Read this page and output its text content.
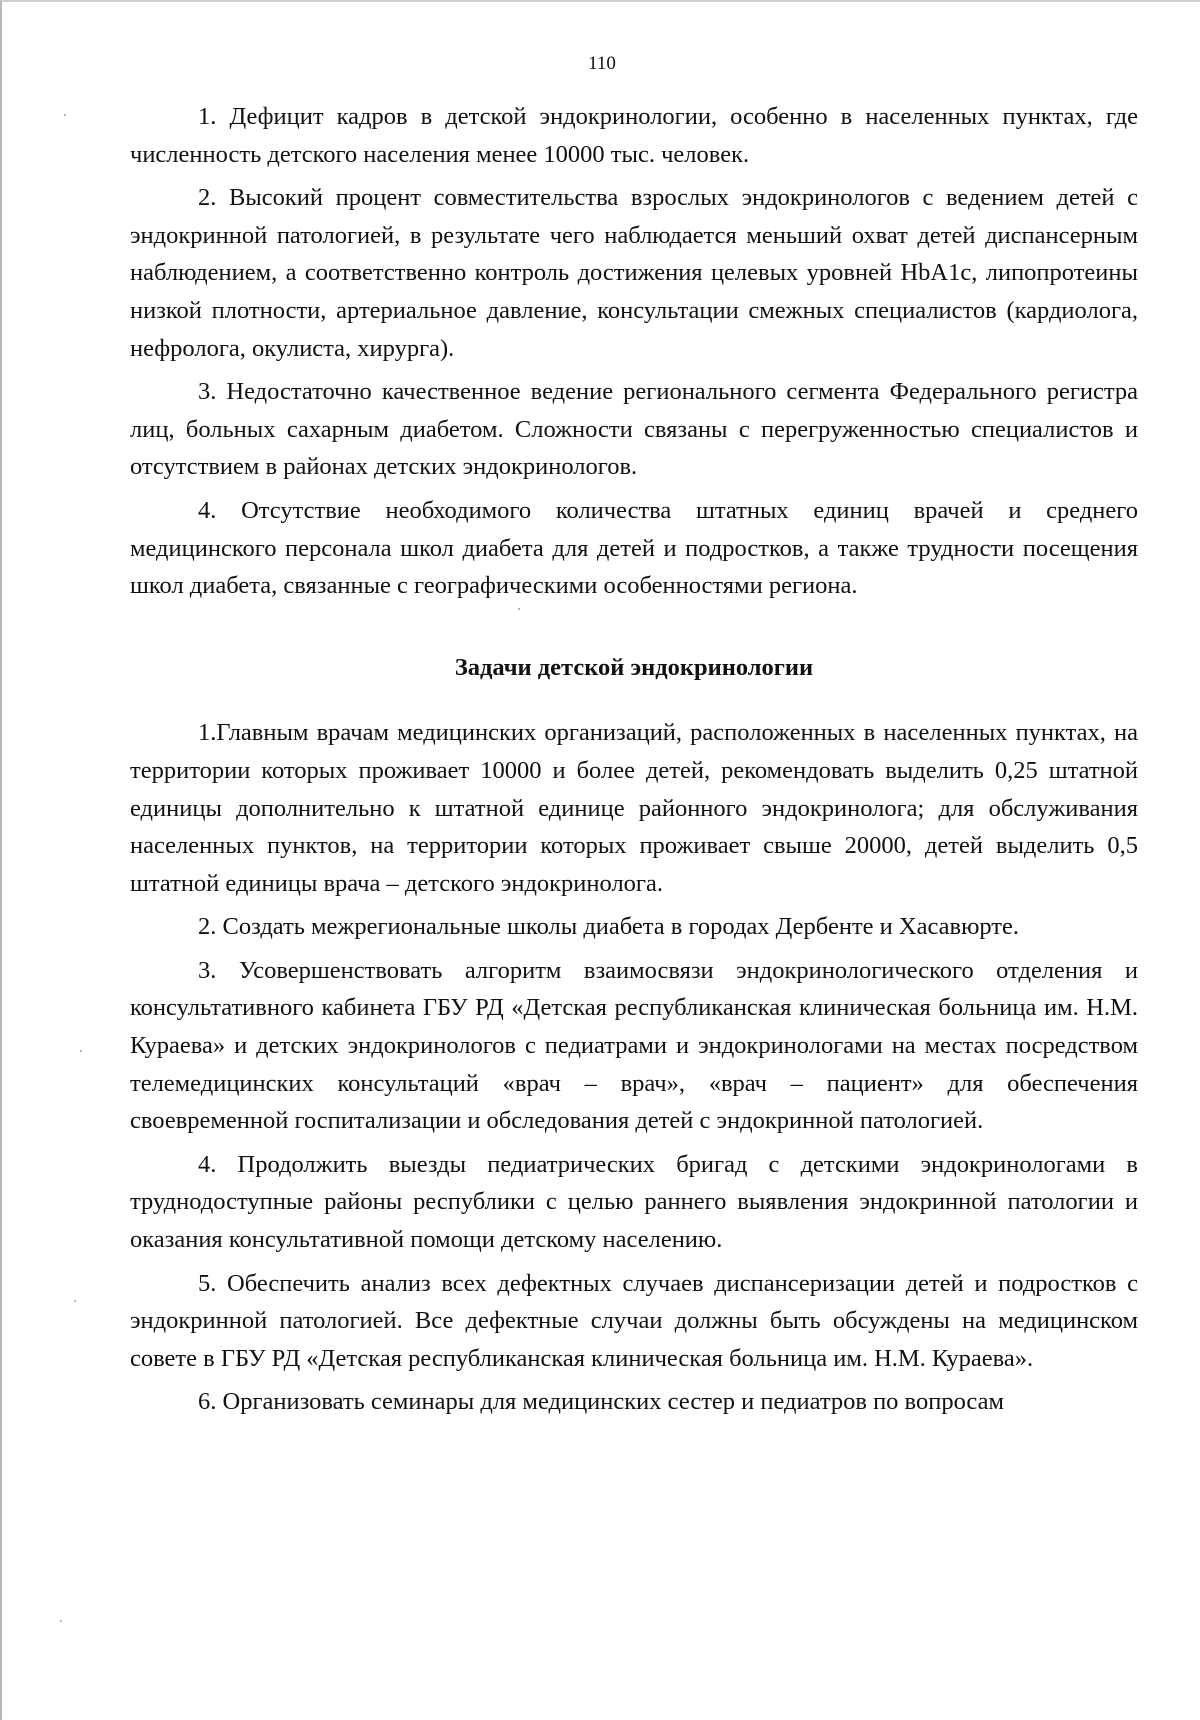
110

1. Дефицит кадров в детской эндокринологии, особенно в населенных пунктах, где численность детского населения менее 10000 тыс. человек.

2. Высокий процент совместительства взрослых эндокринологов с ведением детей с эндокринной патологией, в результате чего наблюдается меньший охват детей диспансерным наблюдением, а соответственно контроль достижения целевых уровней HbA1c, липопротеины низкой плотности, артериальное давление, консультации смежных специалистов (кардиолога, нефролога, окулиста, хирурга).

3. Недостаточно качественное ведение регионального сегмента Федерального регистра лиц, больных сахарным диабетом. Сложности связаны с перегруженностью специалистов и отсутствием в районах детских эндокринологов.

4. Отсутствие необходимого количества штатных единиц врачей и среднего медицинского персонала школ диабета для детей и подростков, а также трудности посещения школ диабета, связанные с географическими особенностями региона.

Задачи детской эндокринологии

1.Главным врачам медицинских организаций, расположенных в населенных пунктах, на территории которых проживает 10000 и более детей, рекомендовать выделить 0,25 штатной единицы дополнительно к штатной единице районного эндокринолога; для обслуживания населенных пунктов, на территории которых проживает свыше 20000, детей выделить 0,5 штатной единицы врача – детского эндокринолога.

2. Создать межрегиональные школы диабета в городах Дербенте и Хасавюрте.

3. Усовершенствовать алгоритм взаимосвязи эндокринологического отделения и консультативного кабинета ГБУ РД «Детская республиканская клиническая больница им. Н.М. Кураева» и детских эндокринологов с педиатрами и эндокринологами на местах посредством телемедицинских консультаций «врач – врач», «врач – пациент» для обеспечения своевременной госпитализации и обследования детей с эндокринной патологией.

4. Продолжить выезды педиатрических бригад с детскими эндокринологами в труднодоступные районы республики с целью раннего выявления эндокринной патологии и оказания консультативной помощи детскому населению.

5. Обеспечить анализ всех дефектных случаев диспансеризации детей и подростков с эндокринной патологией. Все дефектные случаи должны быть обсуждены на медицинском совете в ГБУ РД «Детская республиканская клиническая больница им. Н.М. Кураева».

6. Организовать семинары для медицинских сестер и педиатров по вопросам
